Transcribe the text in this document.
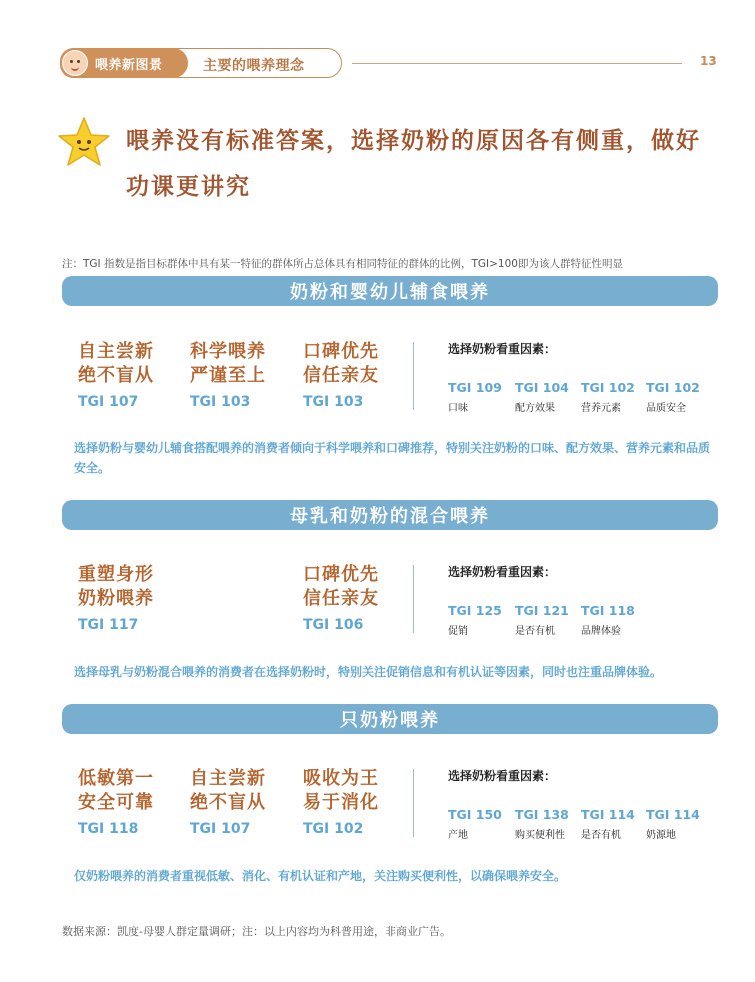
喂养新图景	主要的喂养理念	13
喂养没有标准答案，选择奶粉的原因各有侧重，做好
功课更讲究
注：TGI 指数是指目标群体中具有某一特征的群体所占总体具有相同特征的群体的比例，TGI>100即为该人群特征性明显
奶粉和婴幼儿辅食喂养
自主尝新
绝不盲从
TGI 107
科学喂养
严谨至上
TGI 103
口碑优先
信任亲友
TGI 103
选择奶粉看重因素：
TGI 109
口味
TGI 104
配方效果
TGI 102
营养元素
TGI 102
品质安全
选择奶粉与婴幼儿辅食搭配喂养的消费者倾向于科学喂养和口碑推荐，特别关注奶粉的口味、配方效果、营养元素和品质安全。
母乳和奶粉的混合喂养
重塑身形
奶粉喂养
TGI 117
口碑优先
信任亲友
TGI 106
选择奶粉看重因素：
TGI 125
促销
TGI 121
是否有机
TGI 118
品牌体验
选择母乳与奶粉混合喂养的消费者在选择奶粉时，特别关注促销信息和有机认证等因素，同时也注重品牌体验。
只奶粉喂养
低敏第一
安全可靠
TGI 118
自主尝新
绝不盲从
TGI 107
吸收为王
易于消化
TGI 102
选择奶粉看重因素：
TGI 150
产地
TGI 138
购买便利性
TGI 114
是否有机
TGI 114
奶源地
仅奶粉喂养的消费者重视低敏、消化、有机认证和产地，关注购买便利性，以确保喂养安全。
数据来源：凯度-母婴人群定量调研；注：以上内容均为科普用途，非商业广告。
